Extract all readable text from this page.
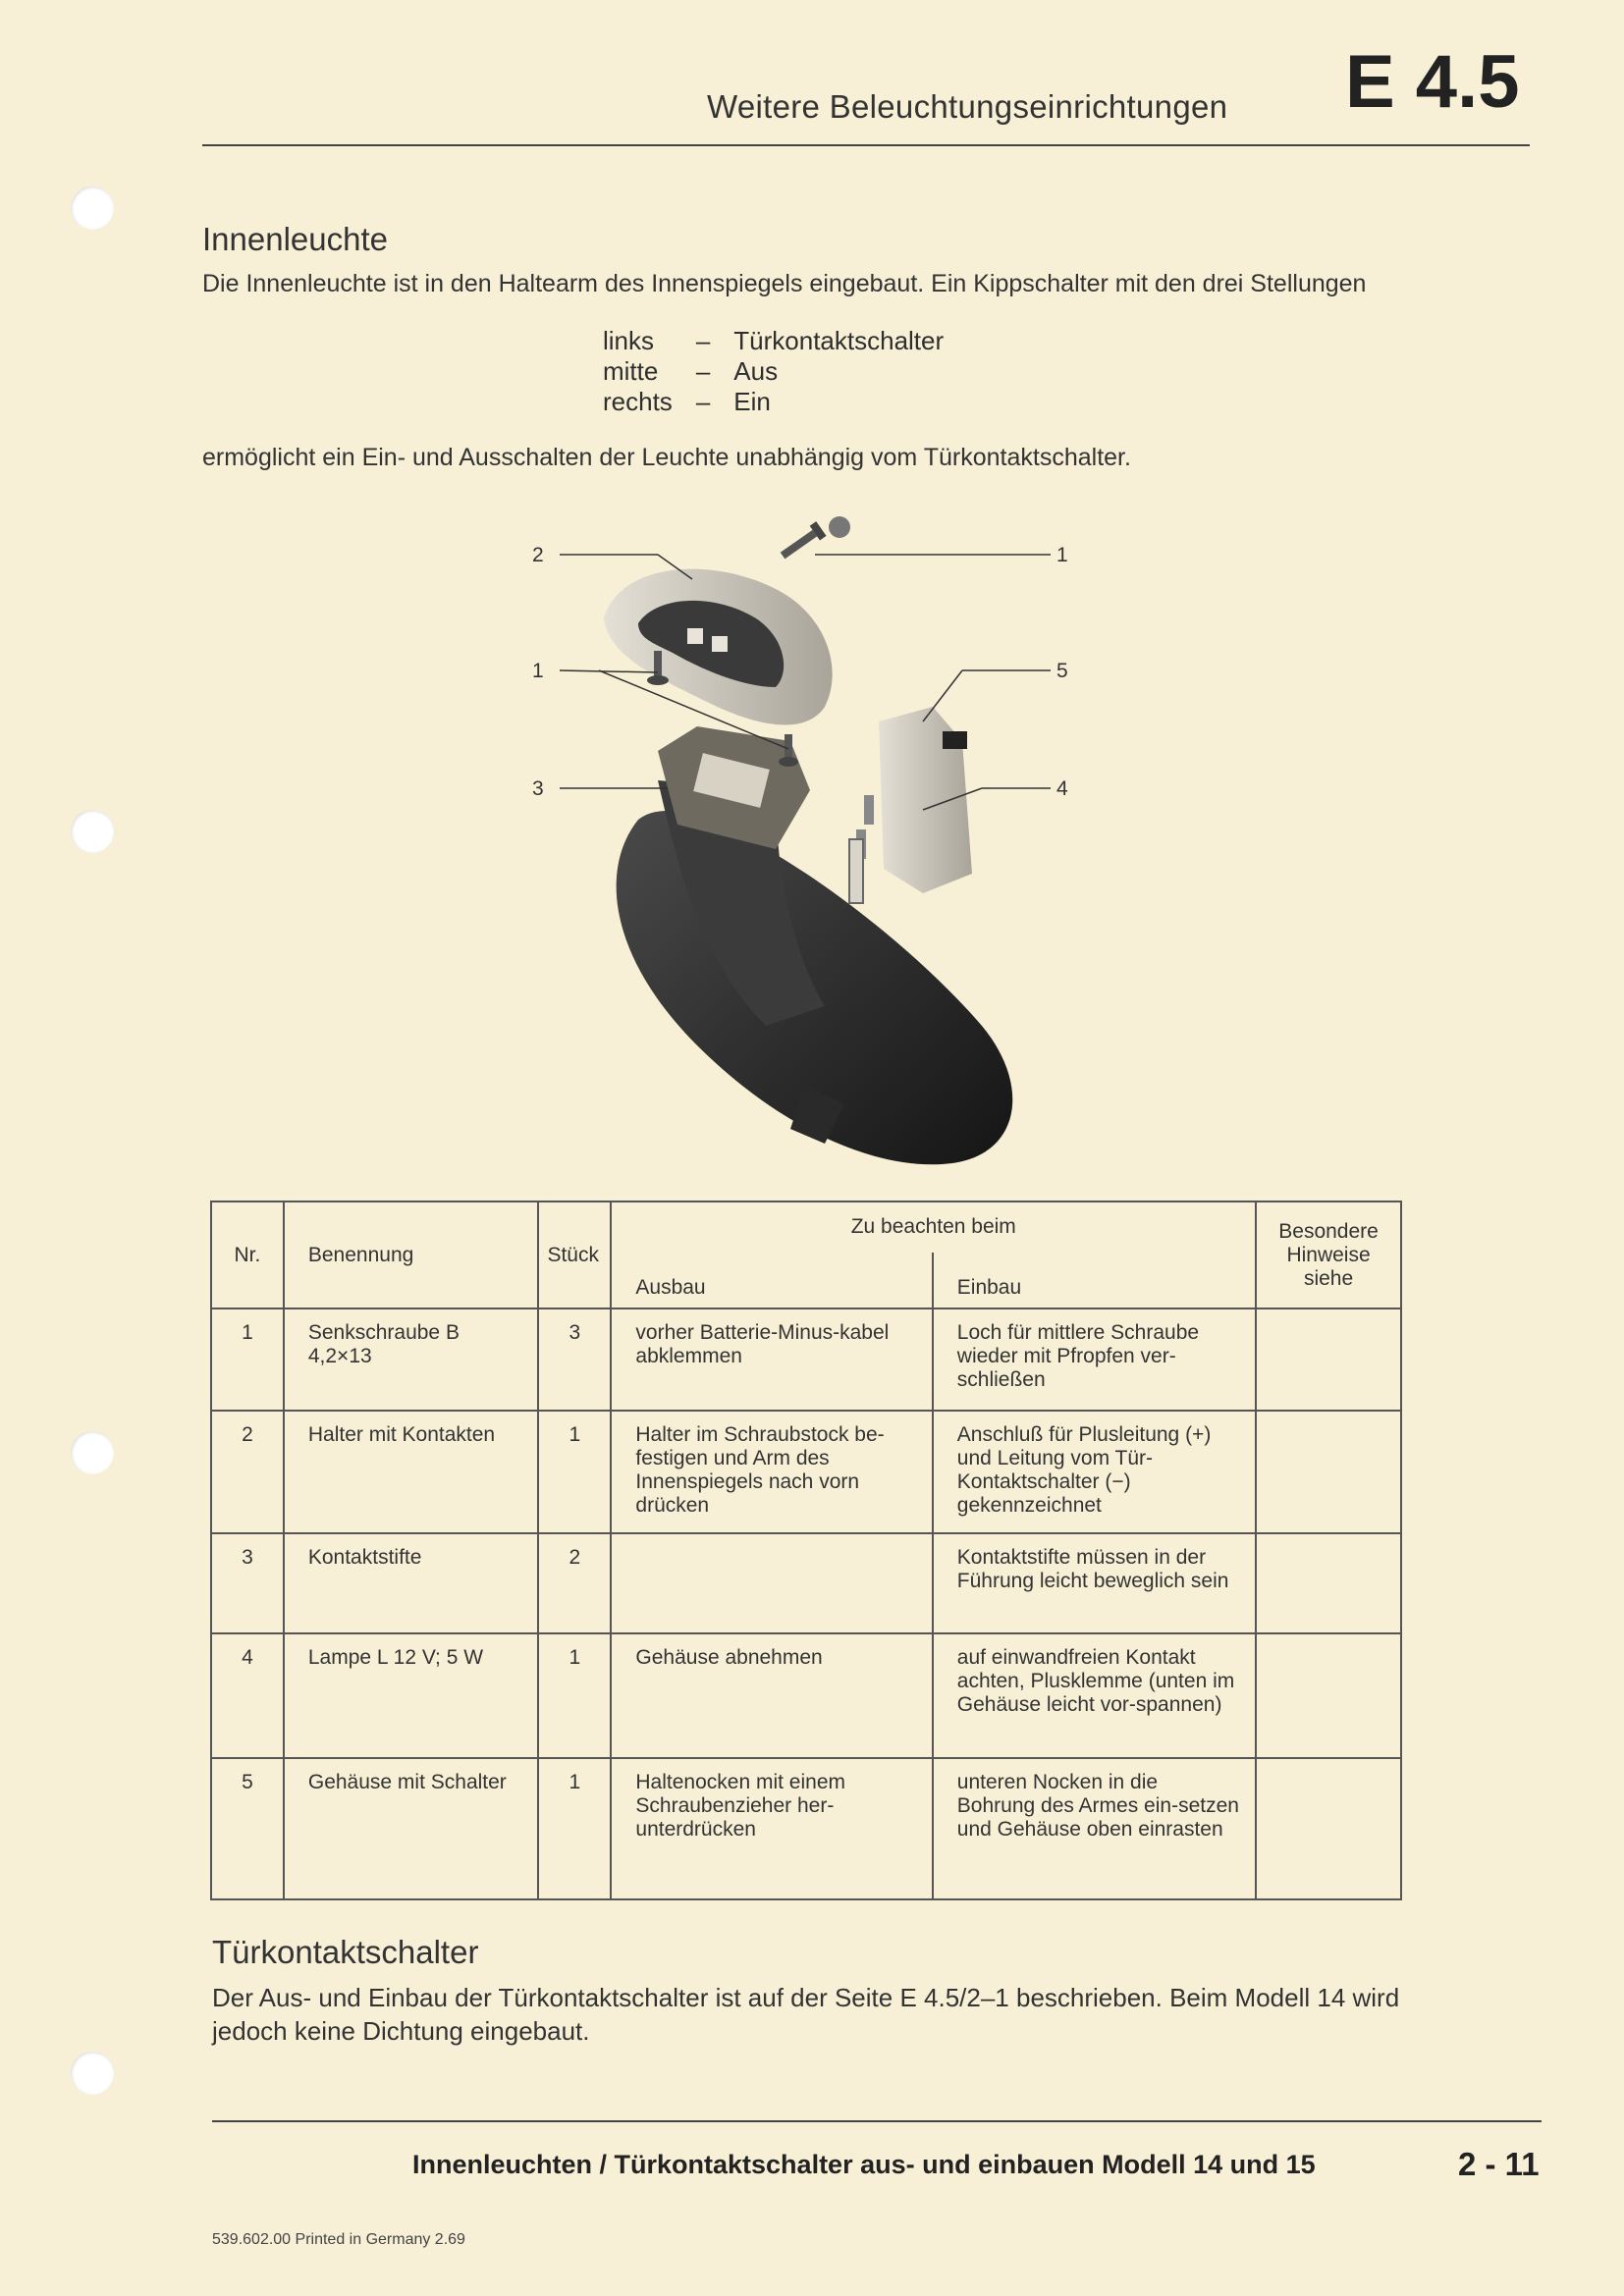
Weitere Beleuchtungseinrichtungen E 4.5
Innenleuchte
Die Innenleuchte ist in den Haltearm des Innenspiegels eingebaut. Ein Kippschalter mit den drei Stellungen
links	–	Türkontaktschalter
mitte	–	Aus
rechts	–	Ein
ermöglicht ein Ein- und Ausschalten der Leuchte unabhängig vom Türkontaktschalter.
2	1
1	5
3	4
Nr.	Benennung	Stück	Zu beachten beim		Besondere Hinweise siehe
			Ausbau	Einbau	
1	Senkschraube B 4,2×13	3	vorher Batterie-Minus-kabel abklemmen	Loch für mittlere Schraube wieder mit Pfropfen ver-schließen	
2	Halter mit Kontakten	1	Halter im Schraubstock be-festigen und Arm des Innenspiegels nach vorn drücken	Anschluß für Plusleitung (+) und Leitung vom Tür-Kontaktschalter (−) gekennzeichnet	
3	Kontaktstifte	2		Kontaktstifte müssen in der Führung leicht beweglich sein	
4	Lampe L 12 V; 5 W	1	Gehäuse abnehmen	auf einwandfreien Kontakt achten, Plusklemme (unten im Gehäuse leicht vor-spannen)	
5	Gehäuse mit Schalter	1	Haltenocken mit einem Schraubenzieher her-unterdrücken	unteren Nocken in die Bohrung des Armes ein-setzen und Gehäuse oben einrasten	
Türkontaktschalter
Der Aus- und Einbau der Türkontaktschalter ist auf der Seite E 4.5/2–1 beschrieben. Beim Modell 14 wird jedoch keine Dichtung eingebaut.
Innenleuchten / Türkontaktschalter aus- und einbauen Modell 14 und 15	2 - 11
539.602.00 Printed in Germany 2.69
